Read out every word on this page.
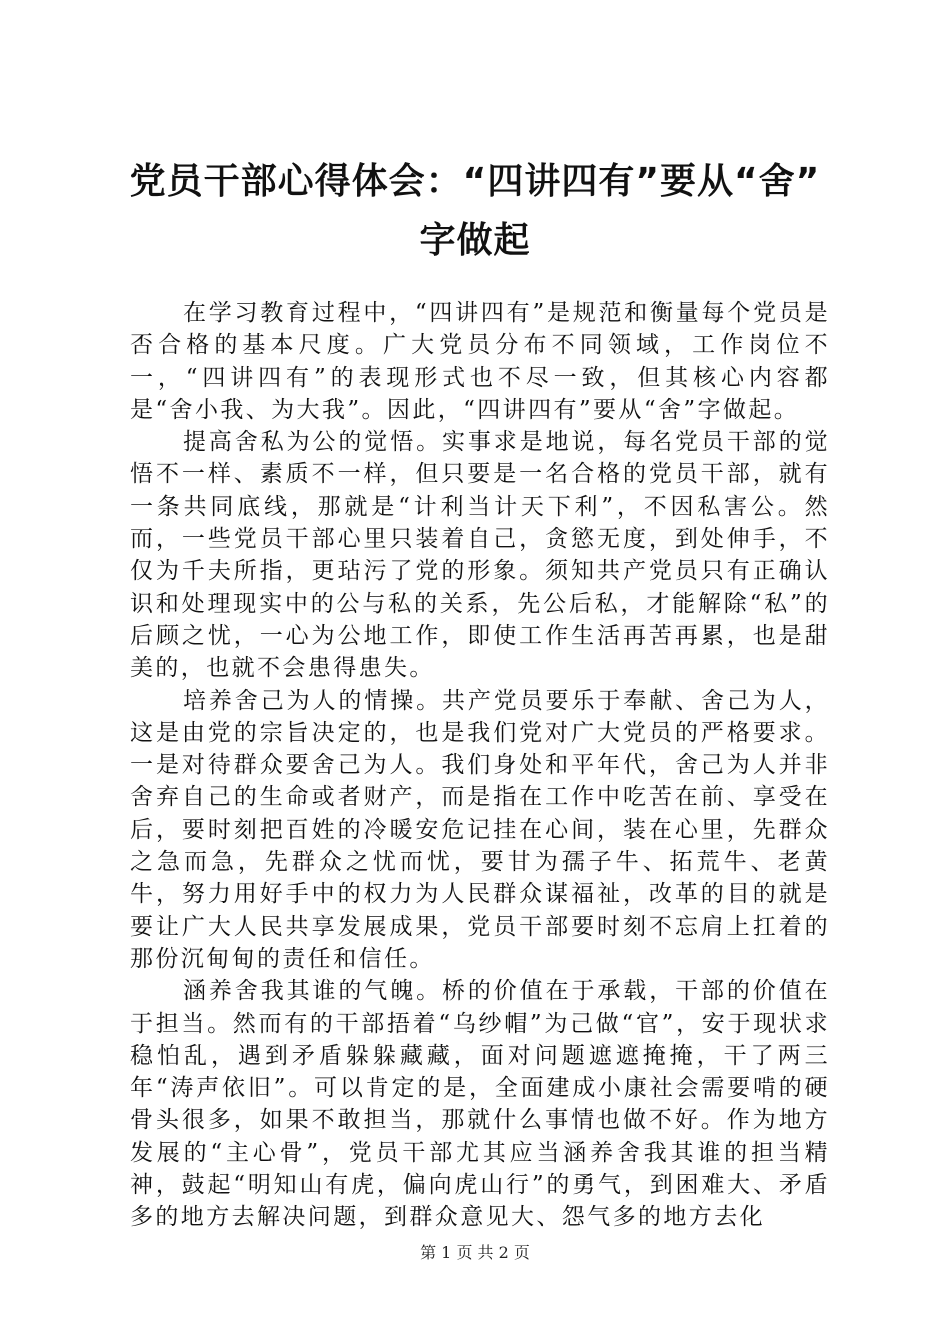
党员干部心得体会：“四讲四有”要从“舍”
字做起

在学习教育过程中，“四讲四有”是规范和衡量每个党员是否合格的基本尺度。广大党员分布不同领域，工作岗位不一，“四讲四有”的表现形式也不尽一致，但其核心内容都是“舍小我、为大我”。因此，“四讲四有”要从“舍”字做起。

提高舍私为公的觉悟。实事求是地说，每名党员干部的觉悟不一样、素质不一样，但只要是一名合格的党员干部，就有一条共同底线，那就是“计利当计天下利”，不因私害公。然而，一些党员干部心里只装着自己，贪慾无度，到处伸手，不仅为千夫所指，更玷污了党的形象。须知共产党员只有正确认识和处理现实中的公与私的关系，先公后私，才能解除“私”的后顾之忧，一心为公地工作，即使工作生活再苦再累，也是甜美的，也就不会患得患失。

培养舍己为人的情操。共产党员要乐于奉献、舍己为人，这是由党的宗旨决定的，也是我们党对广大党员的严格要求。一是对待群众要舍己为人。我们身处和平年代，舍己为人并非舍弃自己的生命或者财产，而是指在工作中吃苦在前、享受在后，要时刻把百姓的冷暖安危记挂在心间，装在心里，先群众之急而急，先群众之忧而忧，要甘为孺子牛、拓荒牛、老黄牛，努力用好手中的权力为人民群众谋福祉，改革的目的就是要让广大人民共享发展成果，党员干部要时刻不忘肩上扛着的那份沉甸甸的责任和信任。

涵养舍我其谁的气魄。桥的价值在于承载，干部的价值在于担当。然而有的干部捂着“乌纱帽”为己做“官”，安于现状求稳怕乱，遇到矛盾躲躲藏藏，面对问题遮遮掩掩，干了两三年“涛声依旧”。可以肯定的是，全面建成小康社会需要啃的硬骨头很多，如果不敢担当，那就什么事情也做不好。作为地方发展的“主心骨”，党员干部尤其应当涵养舍我其谁的担当精神，鼓起“明知山有虎，偏向虎山行”的勇气，到困难大、矛盾多的地方去解决问题，到群众意见大、怨气多的地方去化

第 1 页 共 2 页
